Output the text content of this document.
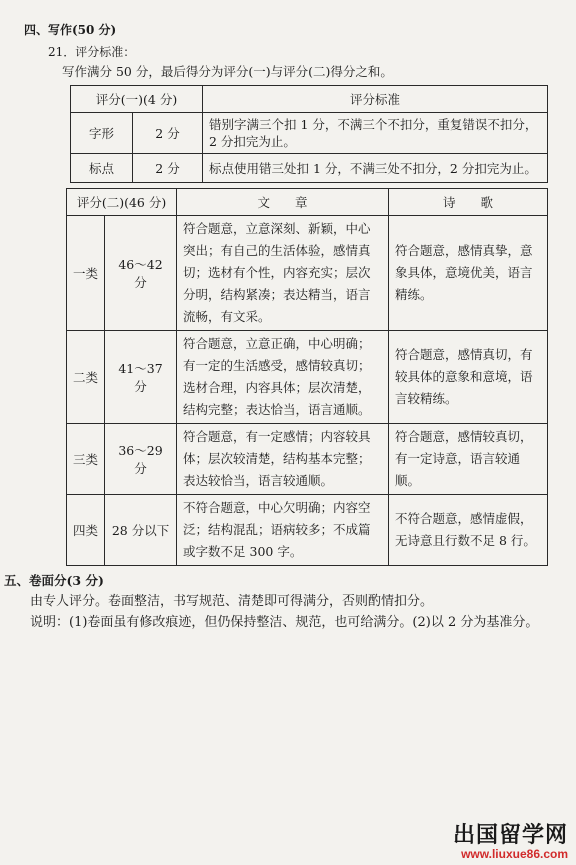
四、写作(50 分)
21．评分标准：
写作满分 50 分，最后得分为评分(一)与评分(二)得分之和。
评分(一)(4 分)		评分标准
字形	2 分	错别字满三个扣 1 分，不满三个不扣分，重复错误不扣分，2 分扣完为止。
标点	2 分	标点使用错三处扣 1 分，不满三处不扣分，2 分扣完为止。
评分(二)(46 分)		文　　章	诗　　歌
一类	46～42 分	符合题意，立意深刻、新颖，中心突出；有自己的生活体验，感情真切；选材有个性，内容充实；层次分明，结构紧凑；表达精当，语言流畅，有文采。	符合题意，感情真挚，意象具体，意境优美，语言精练。
二类	41～37 分	符合题意，立意正确，中心明确；有一定的生活感受，感情较真切；选材合理，内容具体；层次清楚，结构完整；表达恰当，语言通顺。	符合题意，感情真切，有较具体的意象和意境，语言较精练。
三类	36～29 分	符合题意，有一定感情；内容较具体；层次较清楚，结构基本完整；表达较恰当，语言较通顺。	符合题意，感情较真切，有一定诗意，语言较通顺。
四类	28 分以下	不符合题意，中心欠明确；内容空泛；结构混乱；语病较多；不成篇或字数不足 300 字。	不符合题意，感情虚假，无诗意且行数不足 8 行。
五、卷面分(3 分)
由专人评分。卷面整洁，书写规范、清楚即可得满分，否则酌情扣分。
说明：(1)卷面虽有修改痕迹，但仍保持整洁、规范，也可给满分。(2)以 2 分为基准分。
出国留学网
www.liuxue86.com
